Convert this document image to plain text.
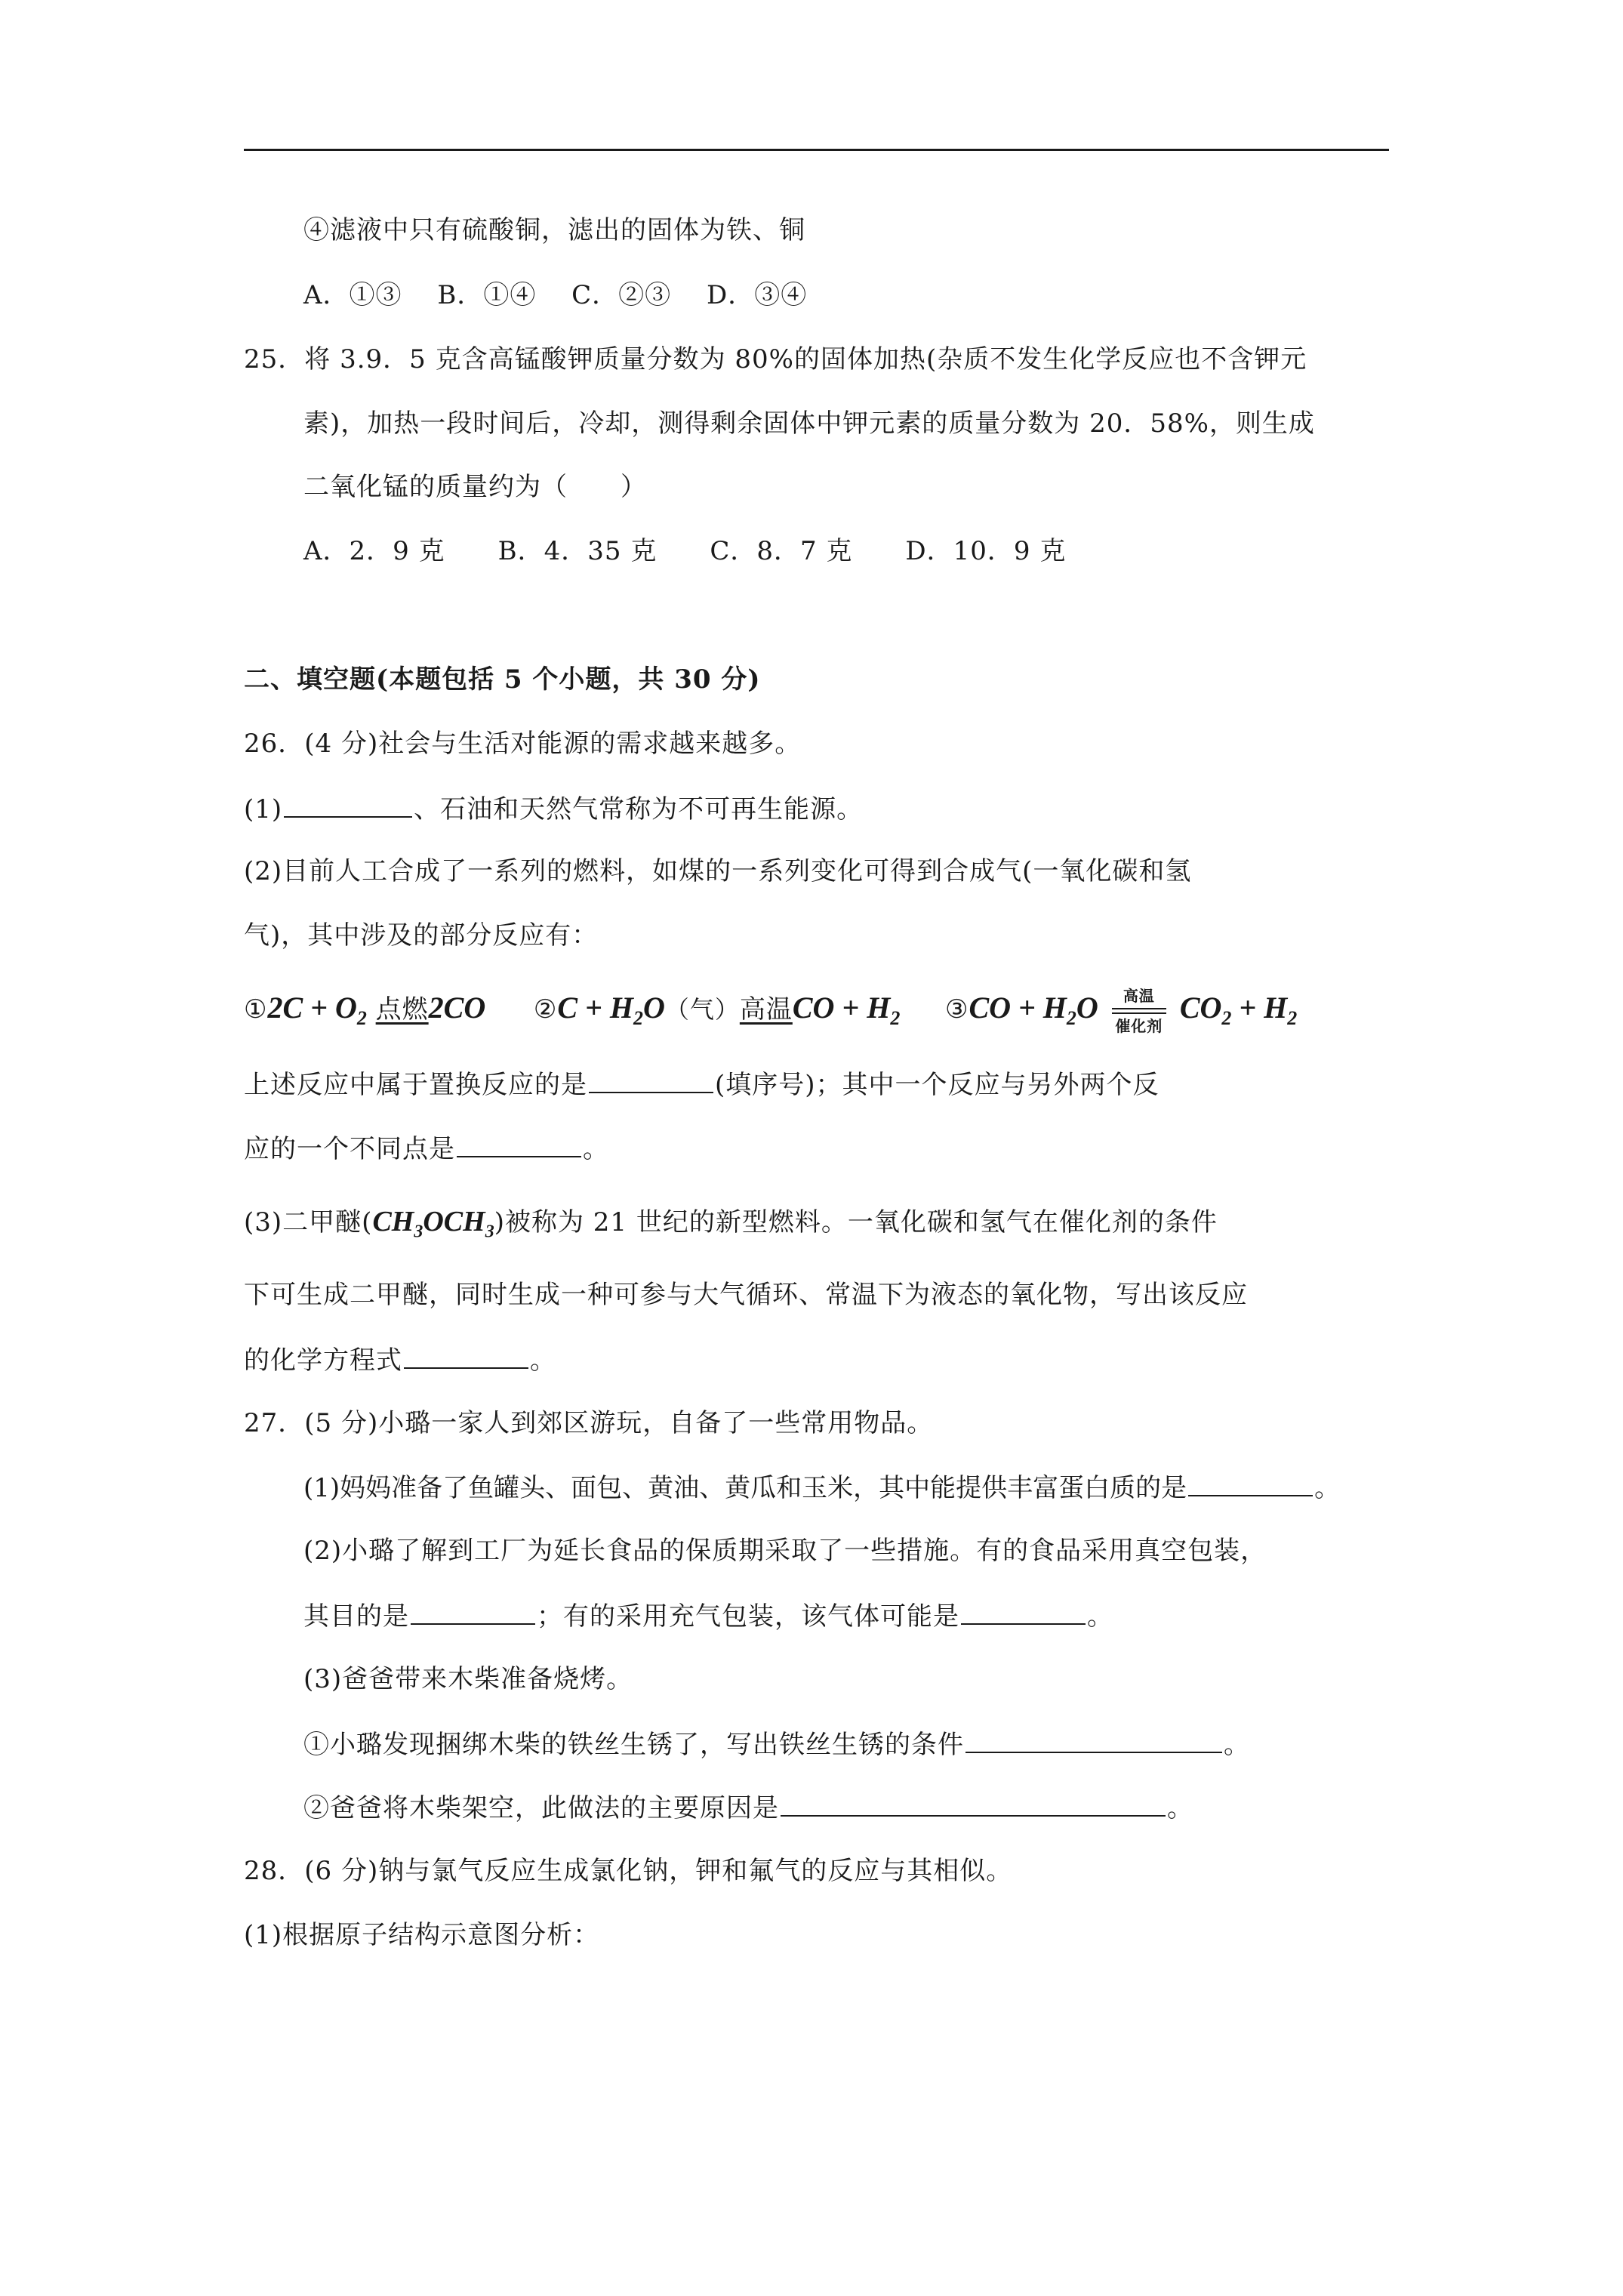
④滤液中只有硫酸铜，滤出的固体为铁、铜
A．①③　 B．①④　 C．②③　 D．③④
25．将 3.9．5 克含高锰酸钾质量分数为 80%的固体加热(杂质不发生化学反应也不含钾元
素)，加热一段时间后，冷却，测得剩余固体中钾元素的质量分数为 20．58%，则生成
二氧化锰的质量约为（　　）
A．2．9 克　　B．4．35 克　　C．8．7 克　　D．10．9 克
二、填空题(本题包括 5 个小题，共 30 分)
26．(4 分)社会与生活对能源的需求越来越多。
(1)	、石油和天然气常称为不可再生能源。
(2)目前人工合成了一系列的燃料，如煤的一系列变化可得到合成气(一氧化碳和氢
气)，其中涉及的部分反应有：
①2C + $O_2$ 点燃2CO ②C + $H_2O$（气）高温CO + $H_2$ ③CO + $H_2O$ 高温
催化剂
$CO_2 + H_2$
上述反应中属于置换反应的是	(填序号)；其中一个反应与另外两个反
应的一个不同点是	。
(3)二甲醚$(CH_3OCH_3)$被称为 21 世纪的新型燃料。一氧化碳和氢气在催化剂的条件
下可生成二甲醚，同时生成一种可参与大气循环、常温下为液态的氧化物，写出该反应
的化学方程式	。
27．(5 分)小璐一家人到郊区游玩，自备了一些常用物品。
(1)妈妈准备了鱼罐头、面包、黄油、黄瓜和玉米，其中能提供丰富蛋白质的是	。
(2)小璐了解到工厂为延长食品的保质期采取了一些措施。有的食品采用真空包装，
其目的是	；有的采用充气包装，该气体可能是	。
(3)爸爸带来木柴准备烧烤。
①小璐发现捆绑木柴的铁丝生锈了，写出铁丝生锈的条件	。
②爸爸将木柴架空，此做法的主要原因是	。
28．(6 分)钠与氯气反应生成氯化钠，钾和氟气的反应与其相似。
(1)根据原子结构示意图分析：
